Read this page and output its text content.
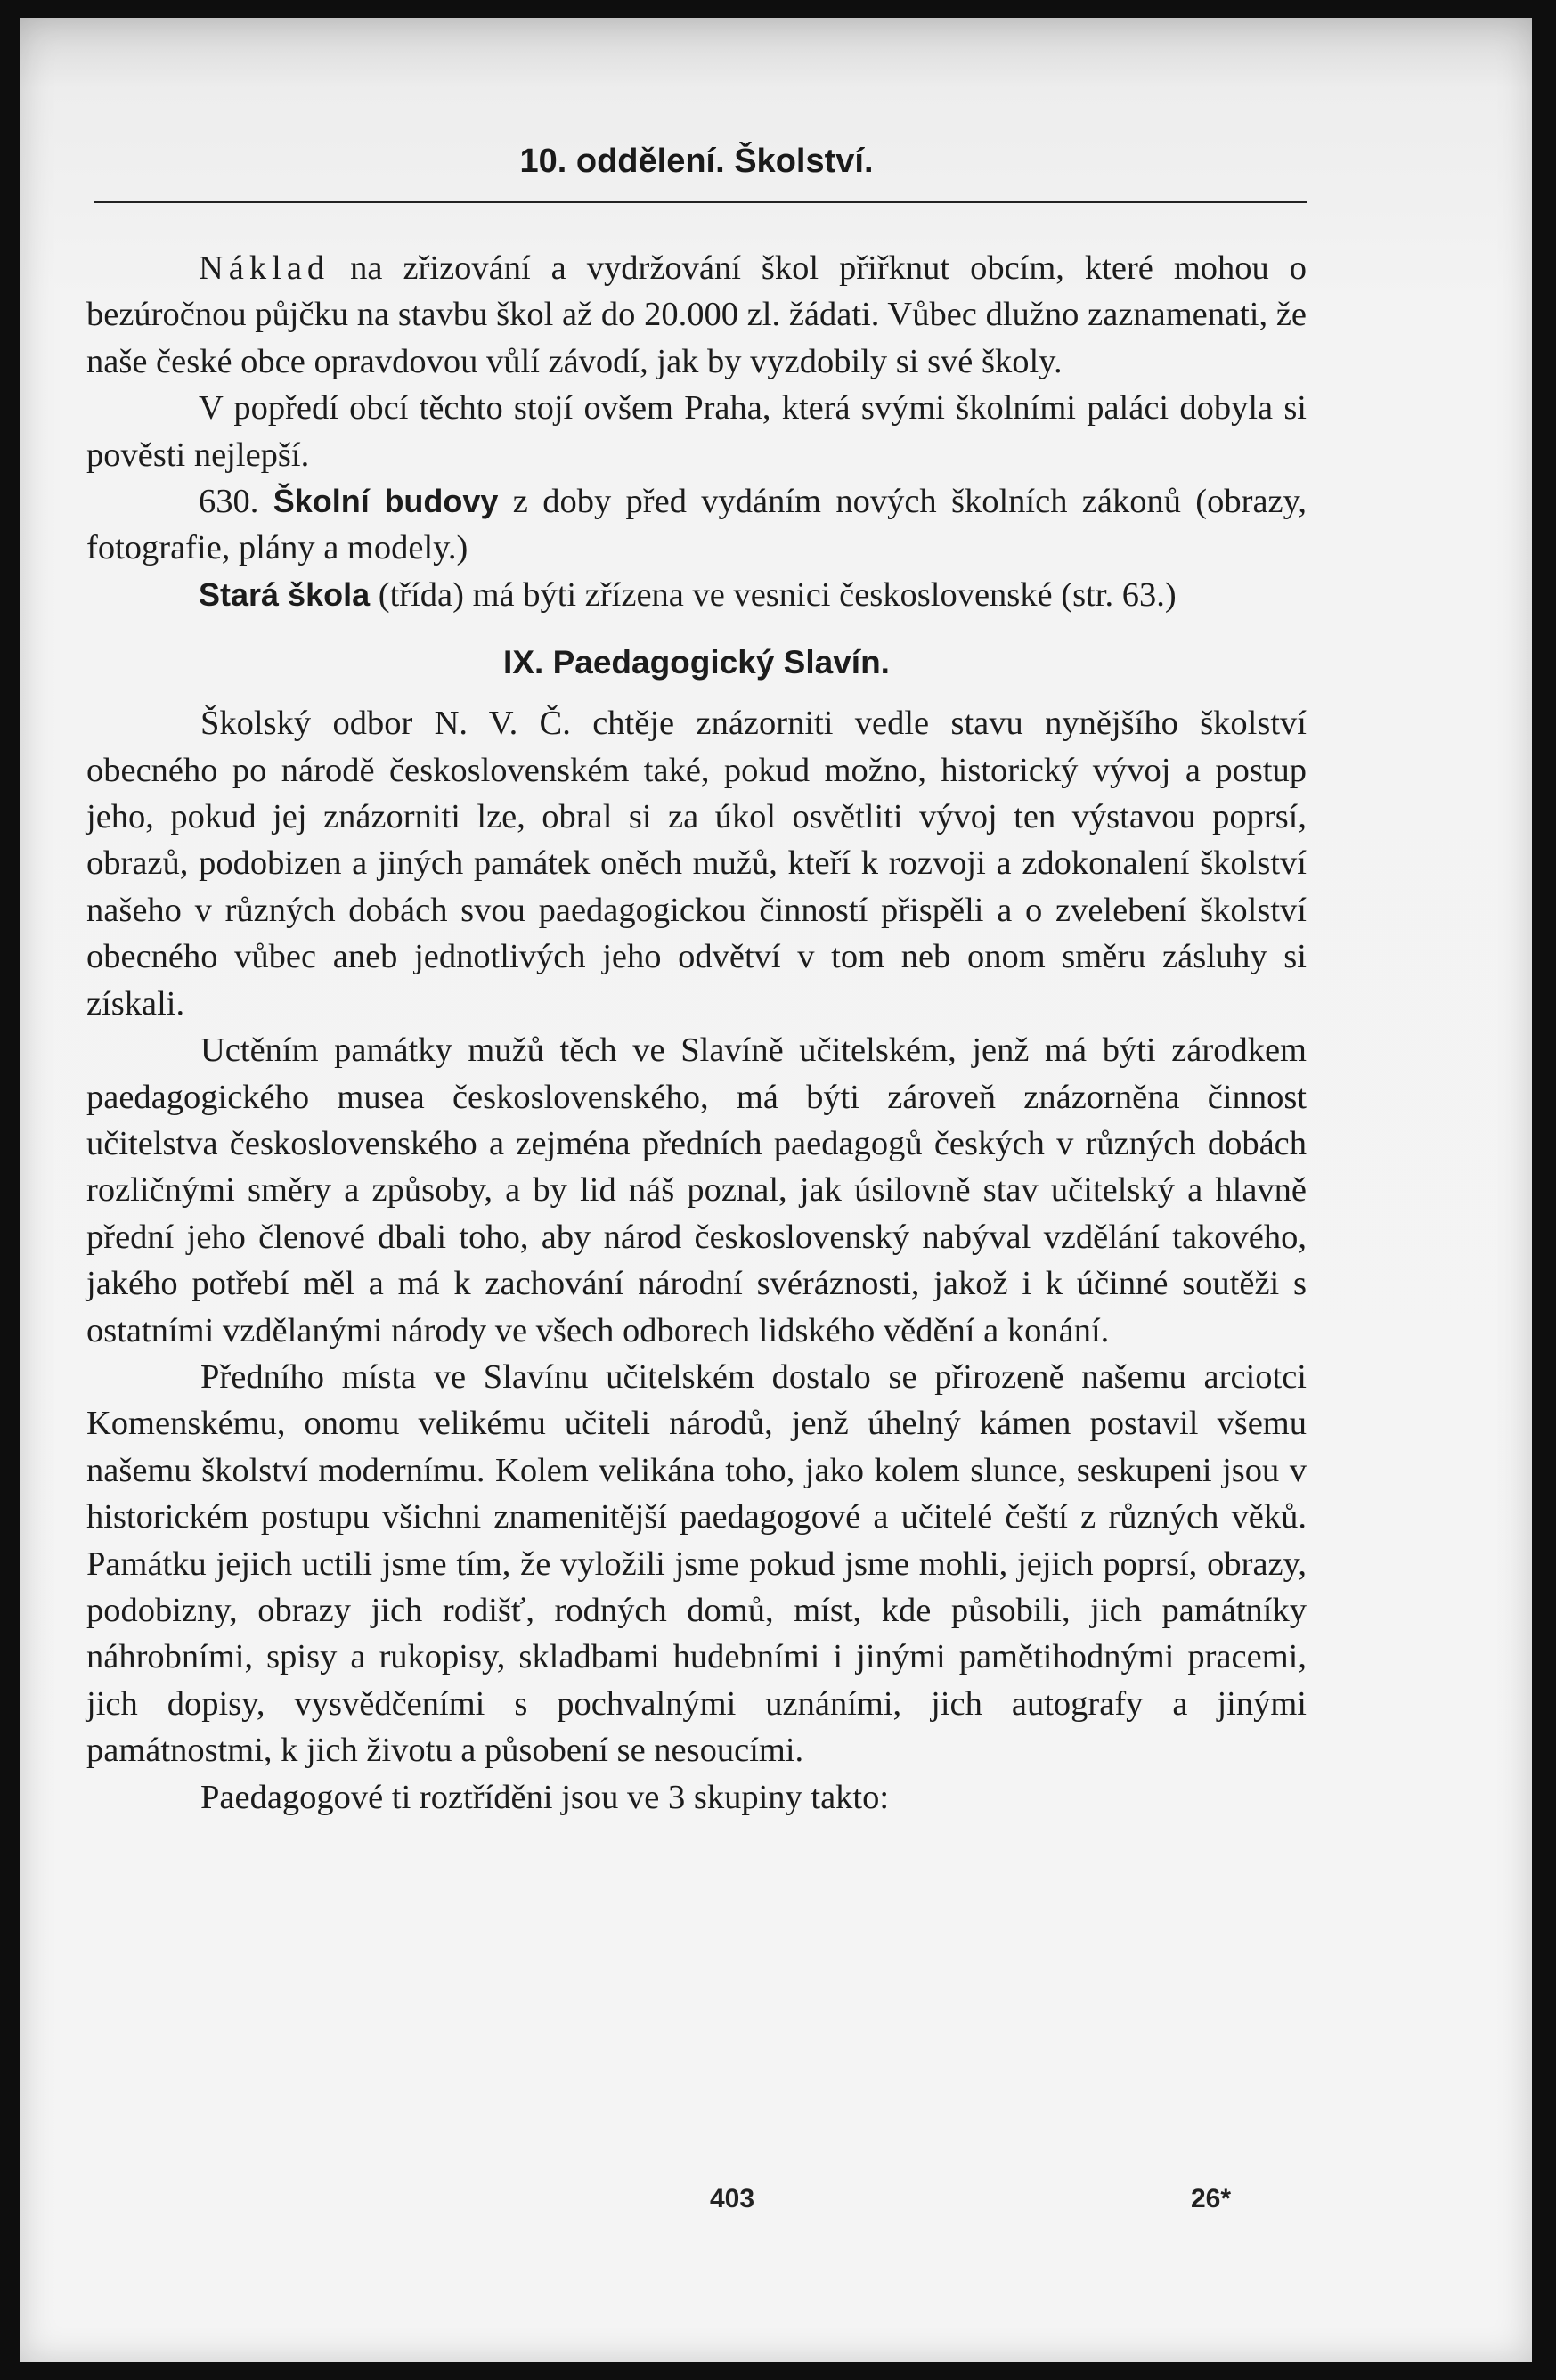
10. oddělení. Školství.

Náklad na zřizování a vydržování škol přiřknut obcím, které mohou o bezúročnou půjčku na stavbu škol až do 20.000 zl. žádati. Vůbec dlužno zaznamenati, že naše české obce opravdovou vůlí závodí, jak by vyzdobily si své školy.

V popředí obcí těchto stojí ovšem Praha, která svými školními paláci dobyla si pověsti nejlepší.

630. Školní budovy z doby před vydáním nových školních zákonů (obrazy, fotografie, plány a modely.)

Stará škola (třída) má býti zřízena ve vesnici československé (str. 63.)

IX. Paedagogický Slavín.

Školský odbor N. V. Č. chtěje znázorniti vedle stavu nynějšího školství obecného po národě československém také, pokud možno, historický vývoj a postup jeho, pokud jej znázorniti lze, obral si za úkol osvětliti vývoj ten výstavou poprsí, obrazů, podobizen a jiných památek oněch mužů, kteří k rozvoji a zdokonalení školství našeho v různých dobách svou paedagogickou činností přispěli a o zvelebení školství obecného vůbec aneb jednotlivých jeho odvětví v tom neb onom směru zásluhy si získali.

Uctěním památky mužů těch ve Slavíně učitelském, jenž má býti zárodkem paedagogického musea československého, má býti zároveň znázorněna činnost učitelstva československého a zejména předních paedagogů českých v různých dobách rozličnými směry a způsoby, a by lid náš poznal, jak úsilovně stav učitelský a hlavně přední jeho členové dbali toho, aby národ československý nabýval vzdělání takového, jakého potřebí měl a má k zachování národní svéráznosti, jakož i k účinné soutěži s ostatními vzdělanými národy ve všech odborech lidského vědění a konání.

Předního místa ve Slavínu učitelském dostalo se přirozeně našemu arciotci Komenskému, onomu velikému učiteli národů, jenž úhelný kámen postavil všemu našemu školství modernímu. Kolem velikána toho, jako kolem slunce, seskupeni jsou v historickém postupu všichni znamenitější paedagogové a učitelé čeští z různých věků. Památku jejich uctili jsme tím, že vyložili jsme pokud jsme mohli, jejich poprsí, obrazy, podobizny, obrazy jich rodišť, rodných domů, míst, kde působili, jich památníky náhrobními, spisy a rukopisy, skladbami hudebními i jinými pamětihodnými pracemi, jich dopisy, vysvědčeními s pochvalnými uznáními, jich autografy a jinými památnostmi, k jich životu a působení se nesoucími.

Paedagogové ti roztříděni jsou ve 3 skupiny takto:

403	26*
